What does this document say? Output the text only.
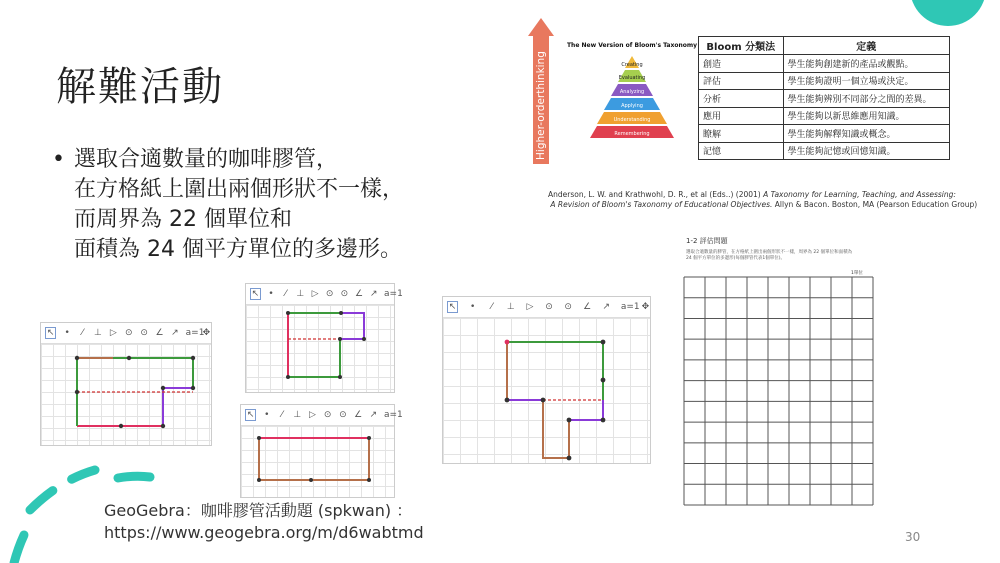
解難活動
• 選取合適數量的咖啡膠管，
在方格紙上圍出兩個形狀不一樣，
而周界為 22 個單位和
面積為 24 個平方單位的多邊形。
Higher-orderthinking
The New Version of Bloom's Taxonomy
Creating
Evaluating
Analyzing
Applying
Understanding
Remembering
Bloom 分類法	定義
創造	學生能夠創建新的產品或觀點。
評估	學生能夠證明一個立場或決定。
分析	學生能夠辨別不同部分之間的差異。
應用	學生能夠以新思維應用知識。
瞭解	學生能夠解釋知識或概念。
記憶	學生能夠記憶或回憶知識。
Anderson, L. W. and Krathwohl, D. R., et al (Eds..) (2001) A Taxonomy for Learning, Teaching, and Assessing:
A Revision of Bloom's Taxonomy of Educational Objectives. Allyn & Bacon. Boston, MA (Pearson Education Group)
↖ •	⁄	⊥ ▷ ⊙ ⊙ ∠ ↗ a=1
✥
↖ •	⁄	⊥ ▷ ⊙ ⊙ ∠ ↗ a=1
↖ •	⁄	⊥ ▷ ⊙ ⊙ ∠ ↗ a=1
↖ •	⁄	⊥ ▷ ⊙ ⊙ ∠ ↗ a=1 ✥
1-2 評估問題
選取合適數量的膠管，在方格紙上圍出兩個形狀不一樣，周界為 22 個單位和面積為
24 個平方單位的多邊形(每個膠管代表1個單位)。
1單位
GeoGebra：咖啡膠管活動題 (spkwan) ：
https://www.geogebra.org/m/d6wabtmd	30
